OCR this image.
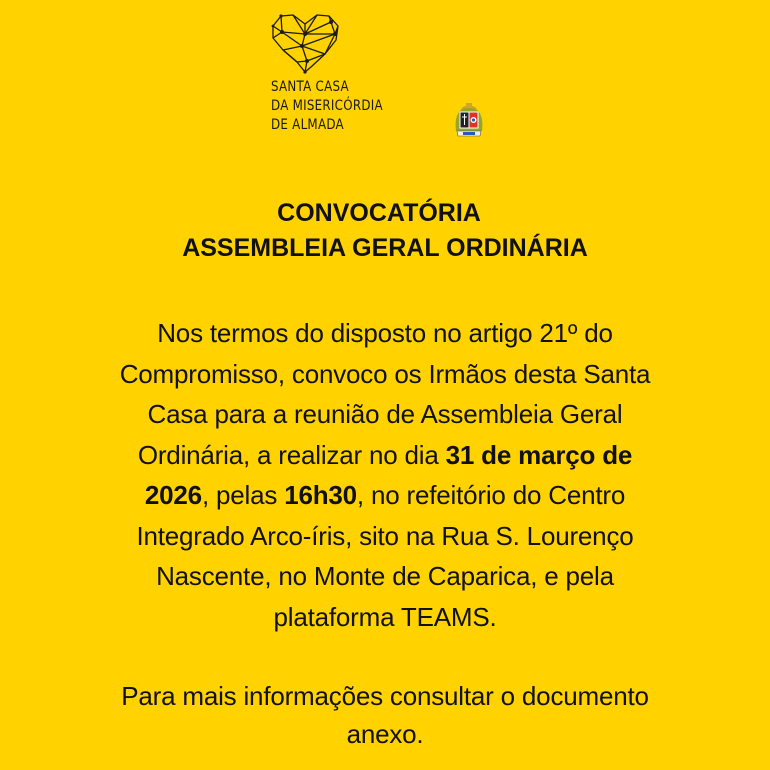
SANTA CASA
DA MISERICÓRDIA
DE ALMADA
CONVOCATÓRIA
ASSEMBLEIA GERAL ORDINÁRIA
Nos termos do disposto no artigo 21º do
Compromisso, convoco os Irmãos desta Santa
Casa para a reunião de Assembleia Geral
Ordinária, a realizar no dia 31 de março de
2026, pelas 16h30, no refeitório do Centro
Integrado Arco-íris, sito na Rua S. Lourenço
Nascente, no Monte de Caparica, e pela
plataforma TEAMS.
Para mais informações consultar o documento
anexo.
